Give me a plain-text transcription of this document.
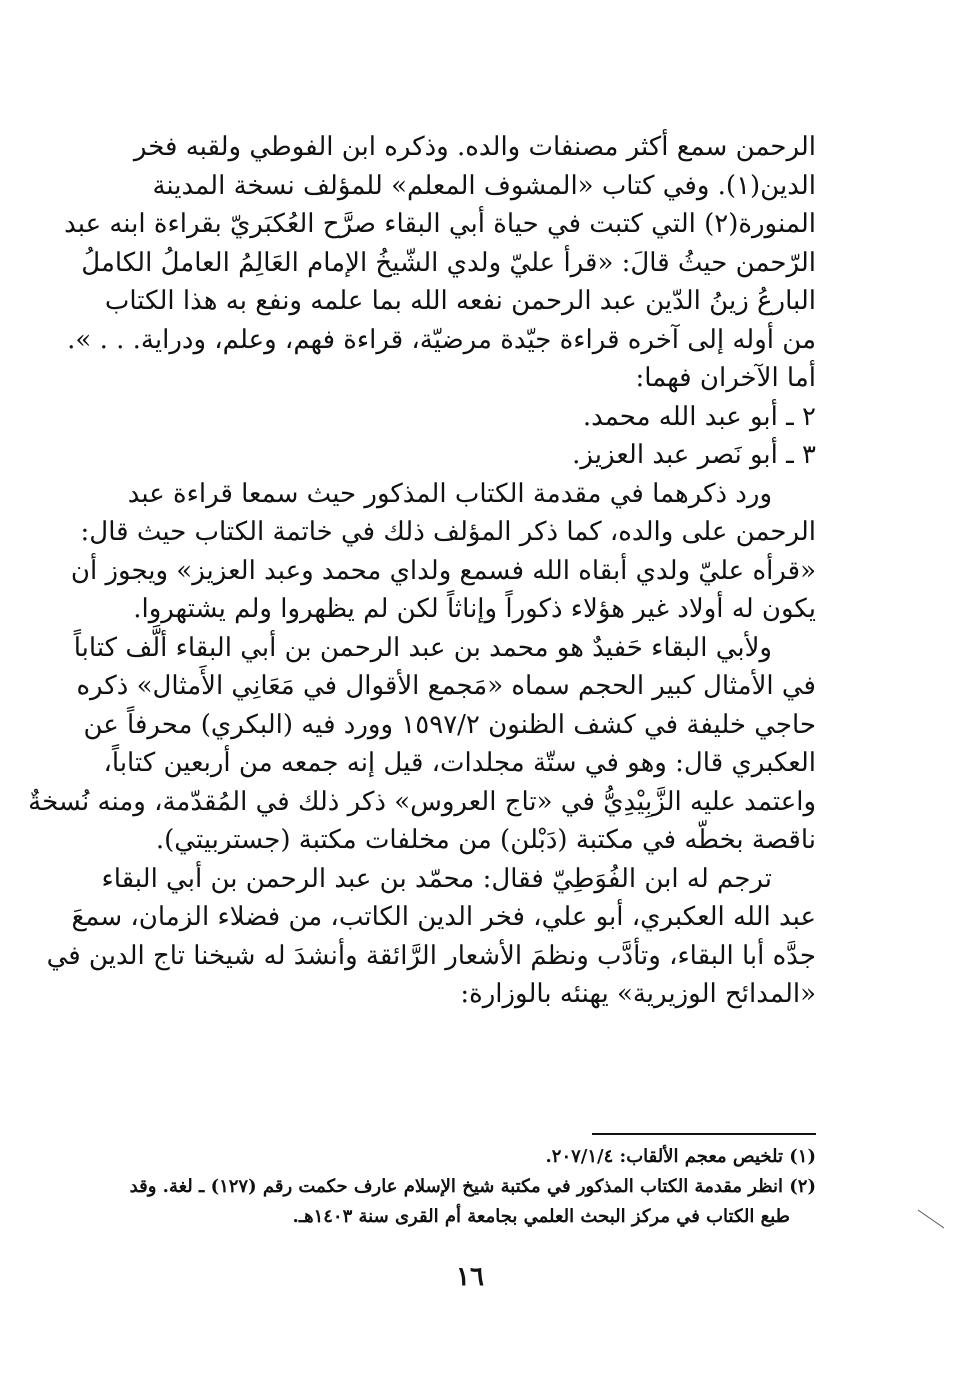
الرحمن سمع أكثر مصنفات والده. وذكره ابن الفوطي ولقبه فخر
الدين(١). وفي كتاب «المشوف المعلم» للمؤلف نسخة المدينة
المنورة(٢) التي كتبت في حياة أبي البقاء صرَّح العُكبَريّ بقراءة ابنه عبد
الرّحمن حيثُ قالَ: «قرأ عليّ ولدي الشّيخُ الإمام العَالِمُ العاملُ الكاملُ
البارعُ زينُ الدّين عبد الرحمن نفعه الله بما علمه ونفع به هذا الكتاب
من أوله إلى آخره قراءة جيّدة مرضيّة، قراءة فهم، وعلم، ودراية. . . ».
أما الآخران فهما:
٢ ـ أبو عبد الله محمد.
٣ ـ أبو نَصر عبد العزيز.

ورد ذكرهما في مقدمة الكتاب المذكور حيث سمعا قراءة عبد
الرحمن على والده، كما ذكر المؤلف ذلك في خاتمة الكتاب حيث قال:
«قرأه عليّ ولدي أبقاه الله فسمع ولداي محمد وعبد العزيز» ويجوز أن
يكون له أولاد غير هؤلاء ذكوراً وإناثاً لكن لم يظهروا ولم يشتهروا.

ولأبي البقاء حَفيدٌ هو محمد بن عبد الرحمن بن أبي البقاء ألَّف كتاباً
في الأمثال كبير الحجم سماه «مَجمع الأقوال في مَعَانِي الأَمثال» ذكره
حاجي خليفة في كشف الظنون ١٥٩٧/٢ وورد فيه (البكري) محرفاً عن
العكبري قال: وهو في ستّة مجلدات، قيل إنه جمعه من أربعين كتاباً،
واعتمد عليه الزَّبِيْدِيُّ في «تاج العروس» ذكر ذلك في المُقدّمة، ومنه نُسخةٌ
ناقصة بخطّه في مكتبة (دَبْلن) من مخلفات مكتبة (جستربيتي).

ترجم له ابن الفُوَطِيّ فقال: محمّد بن عبد الرحمن بن أبي البقاء
عبد الله العكبري، أبو علي، فخر الدين الكاتب، من فضلاء الزمان، سمعَ
جدَّه أبا البقاء، وتأدَّب ونظمَ الأشعار الرَّائقة وأنشدَ له شيخنا تاج الدين في
«المدائح الوزيرية» يهنئه بالوزارة:

(١) تلخيص معجم الألقاب: ٢٠٧/١/٤.
(٢) انظر مقدمة الكتاب المذكور في مكتبة شيخ الإسلام عارف حكمت رقم (١٢٧) ـ لغة. وقد
طبع الكتاب في مركز البحث العلمي بجامعة أم القرى سنة ١٤٠٣هـ.
١٦
